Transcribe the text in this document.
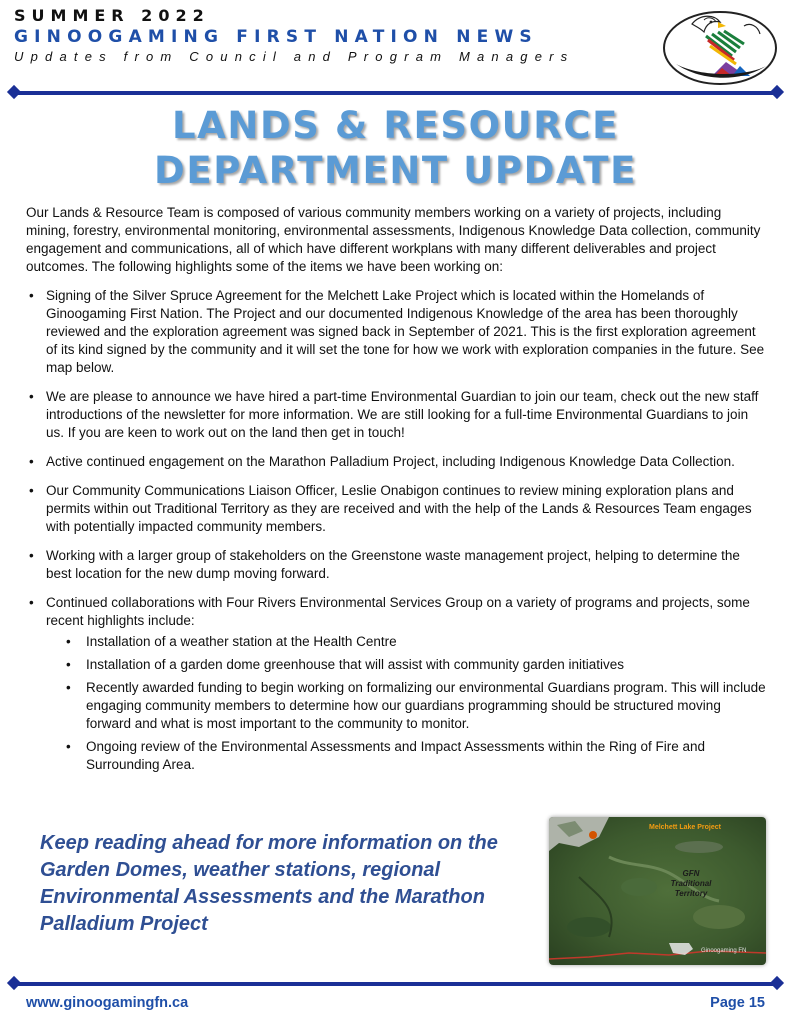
SUMMER 2022
GINOOGAMING FIRST NATION NEWS
Updates from Council and Program Managers
LANDS & RESOURCE
DEPARTMENT UPDATE

Our Lands & Resource Team is composed of various community members working on a variety of projects, including mining, forestry, environmental monitoring, environmental assessments, Indigenous Knowledge Data collection, community engagement and communications, all of which have different workplans with many different deliverables and project outcomes. The following highlights some of the items we have been working on:

• Signing of the Silver Spruce Agreement for the Melchett Lake Project which is located within the Homelands of Ginoogaming First Nation. The Project and our documented Indigenous Knowledge of the area has been thoroughly reviewed and the exploration agreement was signed back in September of 2021. This is the first exploration agreement of its kind signed by the community and it will set the tone for how we work with exploration companies in the future. See map below.
• We are please to announce we have hired a part-time Environmental Guardian to join our team, check out the new staff introductions of the newsletter for more information. We are still looking for a full-time Environmental Guardians to join us. If you are keen to work out on the land then get in touch!
• Active continued engagement on the Marathon Palladium Project, including Indigenous Knowledge Data Collection.
• Our Community Communications Liaison Officer, Leslie Onabigon continues to review mining exploration plans and permits within out Traditional Territory as they are received and with the help of the Lands & Resources Team engages with potentially impacted community members.
• Working with a larger group of stakeholders on the Greenstone waste management project, helping to determine the best location for the new dump moving forward.
• Continued collaborations with Four Rivers Environmental Services Group on a variety of programs and projects, some recent highlights include:
• Installation of a weather station at the Health Centre
• Installation of a garden dome greenhouse that will assist with community garden initiatives
• Recently awarded funding to begin working on formalizing our environmental Guardians program. This will include engaging community members to determine how our guardians programming should be structured moving forward and what is most important to the community to monitor.
• Ongoing review of the Environmental Assessments and Impact Assessments within the Ring of Fire and Surrounding Area.
Keep reading ahead for more information on the Garden Domes, weather stations, regional Environmental Assessments and the Marathon Palladium Project
Melchett Lake Project
GFN
Traditional
Territory
Ginoogaming FN
www.ginoogamingfn.ca	Page 15
